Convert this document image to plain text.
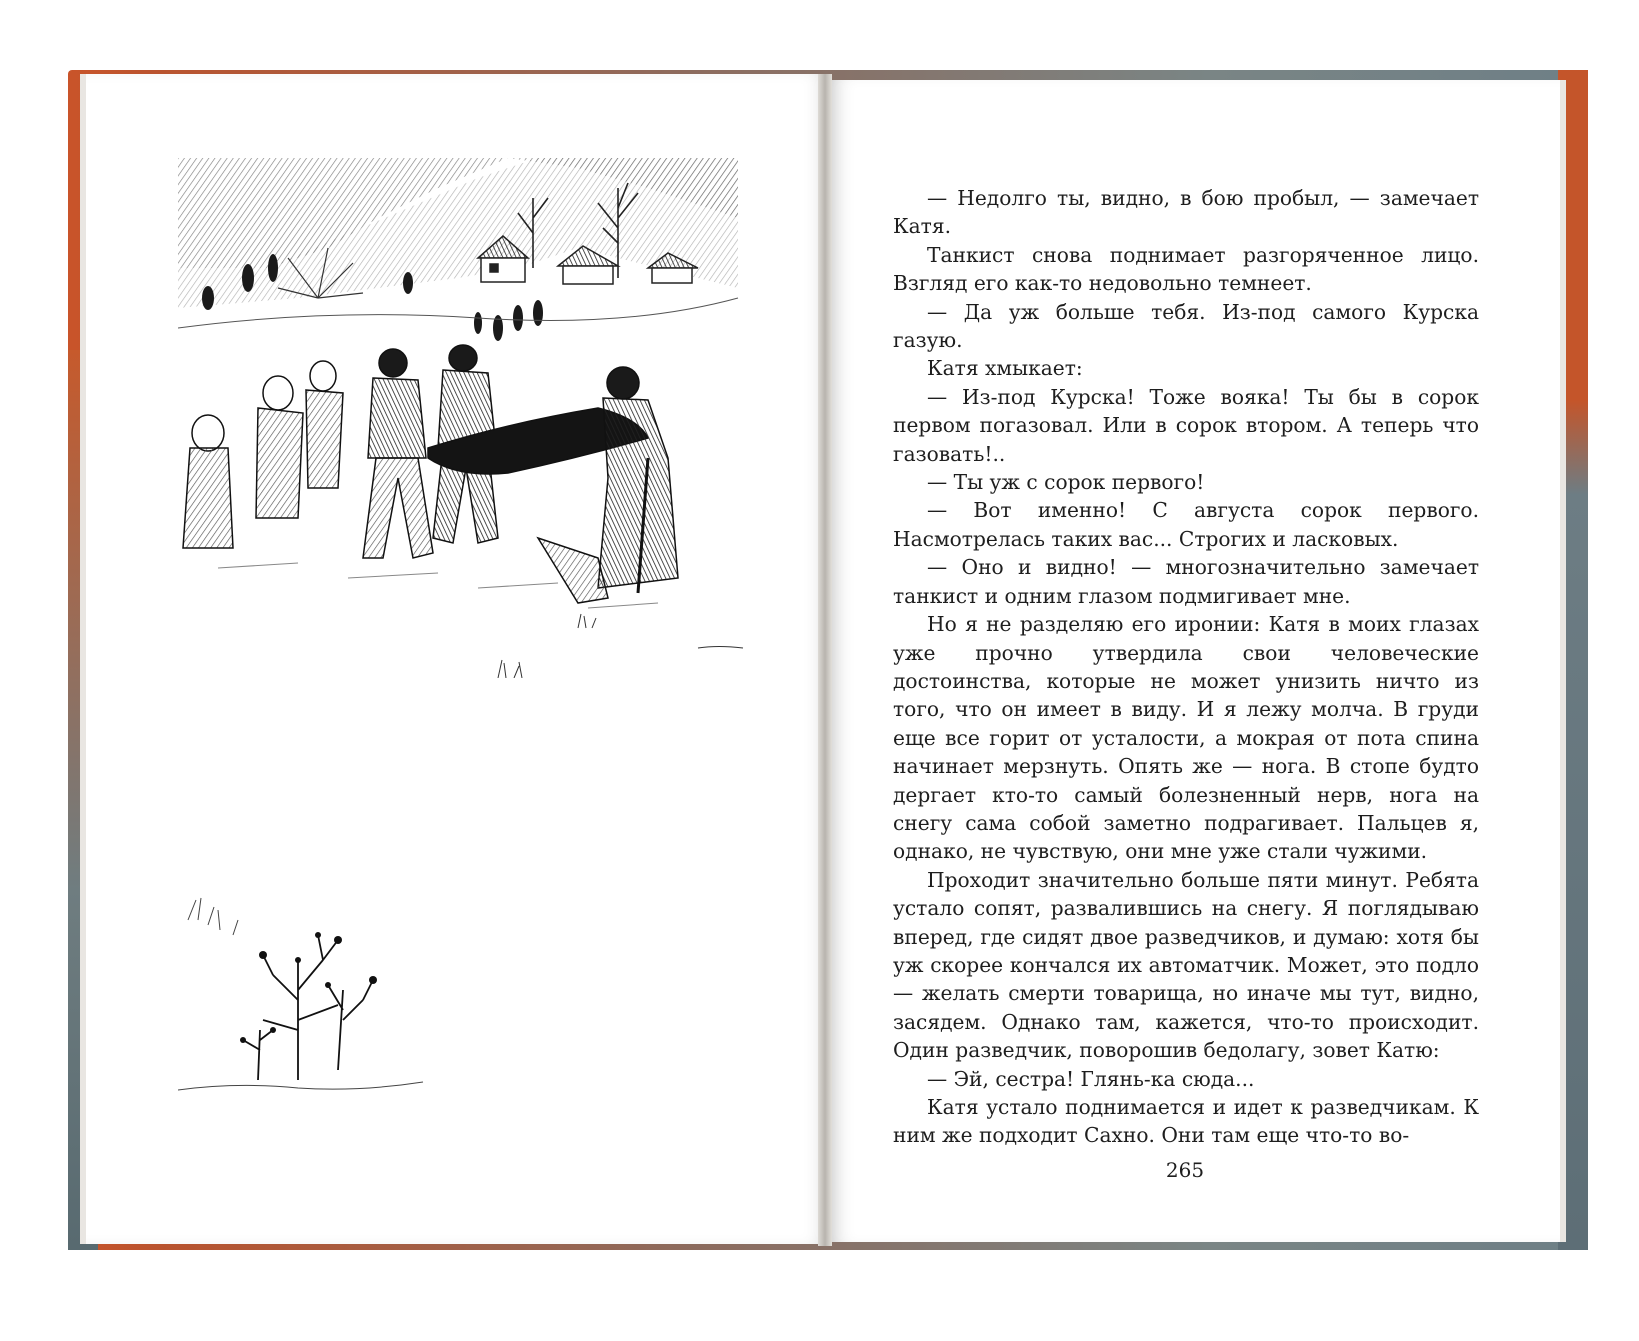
— Недолго ты, видно, в бою пробыл, — замечает Катя.

Танкист снова поднимает разгоряченное лицо. Взгляд его как-то недовольно темнеет.

— Да уж больше тебя. Из-под самого Курска газую.

Катя хмыкает:

— Из-под Курска! Тоже вояка! Ты бы в сорок первом погазовал. Или в сорок втором. А теперь что газовать!..

— Ты уж с сорок первого!

— Вот именно! С августа сорок первого. Насмотрелась таких вас... Строгих и ласковых.

— Оно и видно! — многозначительно замечает танкист и одним глазом подмигивает мне.

Но я не разделяю его иронии: Катя в моих глазах уже прочно утвердила свои человеческие достоинства, которые не может унизить ничто из того, что он имеет в виду. И я лежу молча. В груди еще все горит от усталости, а мокрая от пота спина начинает мерзнуть. Опять же — нога. В стопе будто дергает кто-то самый болезненный нерв, нога на снегу сама собой заметно подрагивает. Пальцев я, однако, не чувствую, они мне уже стали чужими.

Проходит значительно больше пяти минут. Ребята устало сопят, развалившись на снегу. Я поглядываю вперед, где сидят двое разведчиков, и думаю: хотя бы уж скорее кончался их автоматчик. Может, это подло — желать смерти товарища, но иначе мы тут, видно, засядем. Однако там, кажется, что-то происходит. Один разведчик, поворошив бедолагу, зовет Катю:

— Эй, сестра! Глянь-ка сюда...

Катя устало поднимается и идет к разведчикам. К ним же подходит Сахно. Они там еще что-то во-

265
